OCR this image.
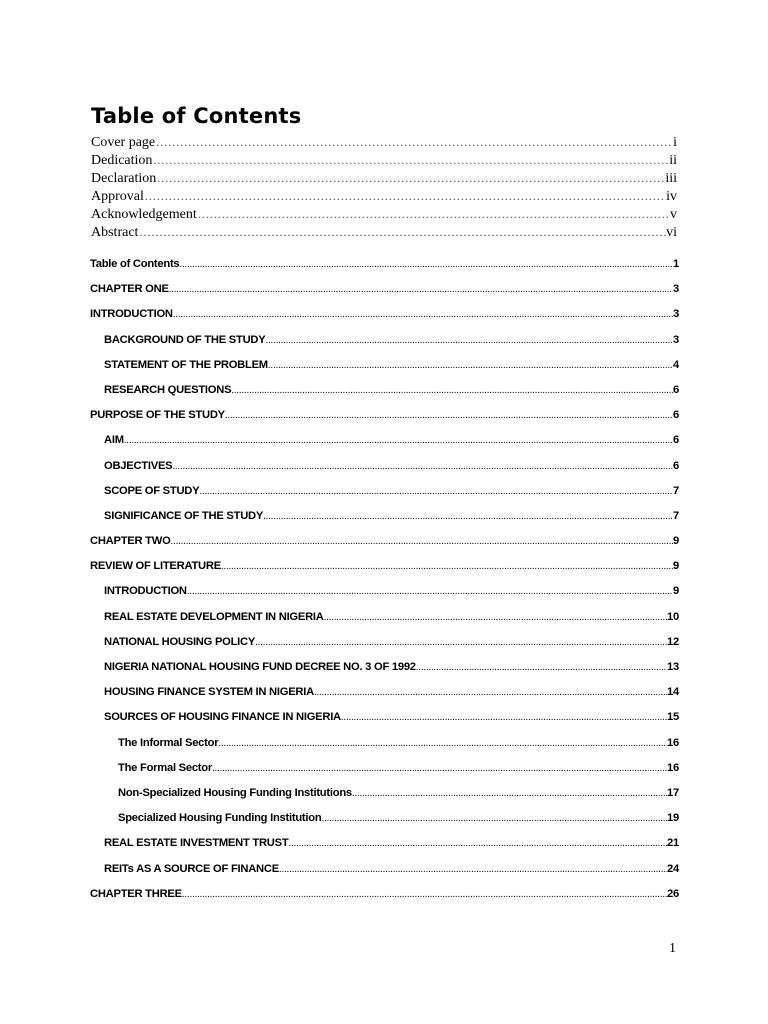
Table of Contents
Cover page .....	i
Dedication .....	ii
Declaration .....	iii
Approval .....	iv
Acknowledgement .....	v
Abstract .....	vi
Table of Contents .....	1
CHAPTER ONE .....	3
INTRODUCTION .....	3
BACKGROUND OF THE STUDY .....	3
STATEMENT OF THE PROBLEM .....	4
RESEARCH QUESTIONS .....	6
PURPOSE OF THE STUDY .....	6
AIM .....	6
OBJECTIVES .....	6
SCOPE OF STUDY .....	7
SIGNIFICANCE OF THE STUDY .....	7
CHAPTER TWO .....	9
REVIEW OF LITERATURE .....	9
INTRODUCTION .....	9
REAL ESTATE DEVELOPMENT IN NIGERIA .....	10
NATIONAL HOUSING POLICY .....	12
NIGERIA NATIONAL HOUSING FUND DECREE NO. 3 OF 1992 .....	13
HOUSING FINANCE SYSTEM IN NIGERIA .....	14
SOURCES OF HOUSING FINANCE IN NIGERIA .....	15
The Informal Sector .....	16
The Formal Sector .....	16
Non-Specialized Housing Funding Institutions .....	17
Specialized Housing Funding Institution .....	19
REAL ESTATE INVESTMENT TRUST .....	21
REITs AS A SOURCE OF FINANCE .....	24
CHAPTER THREE .....	26
1
